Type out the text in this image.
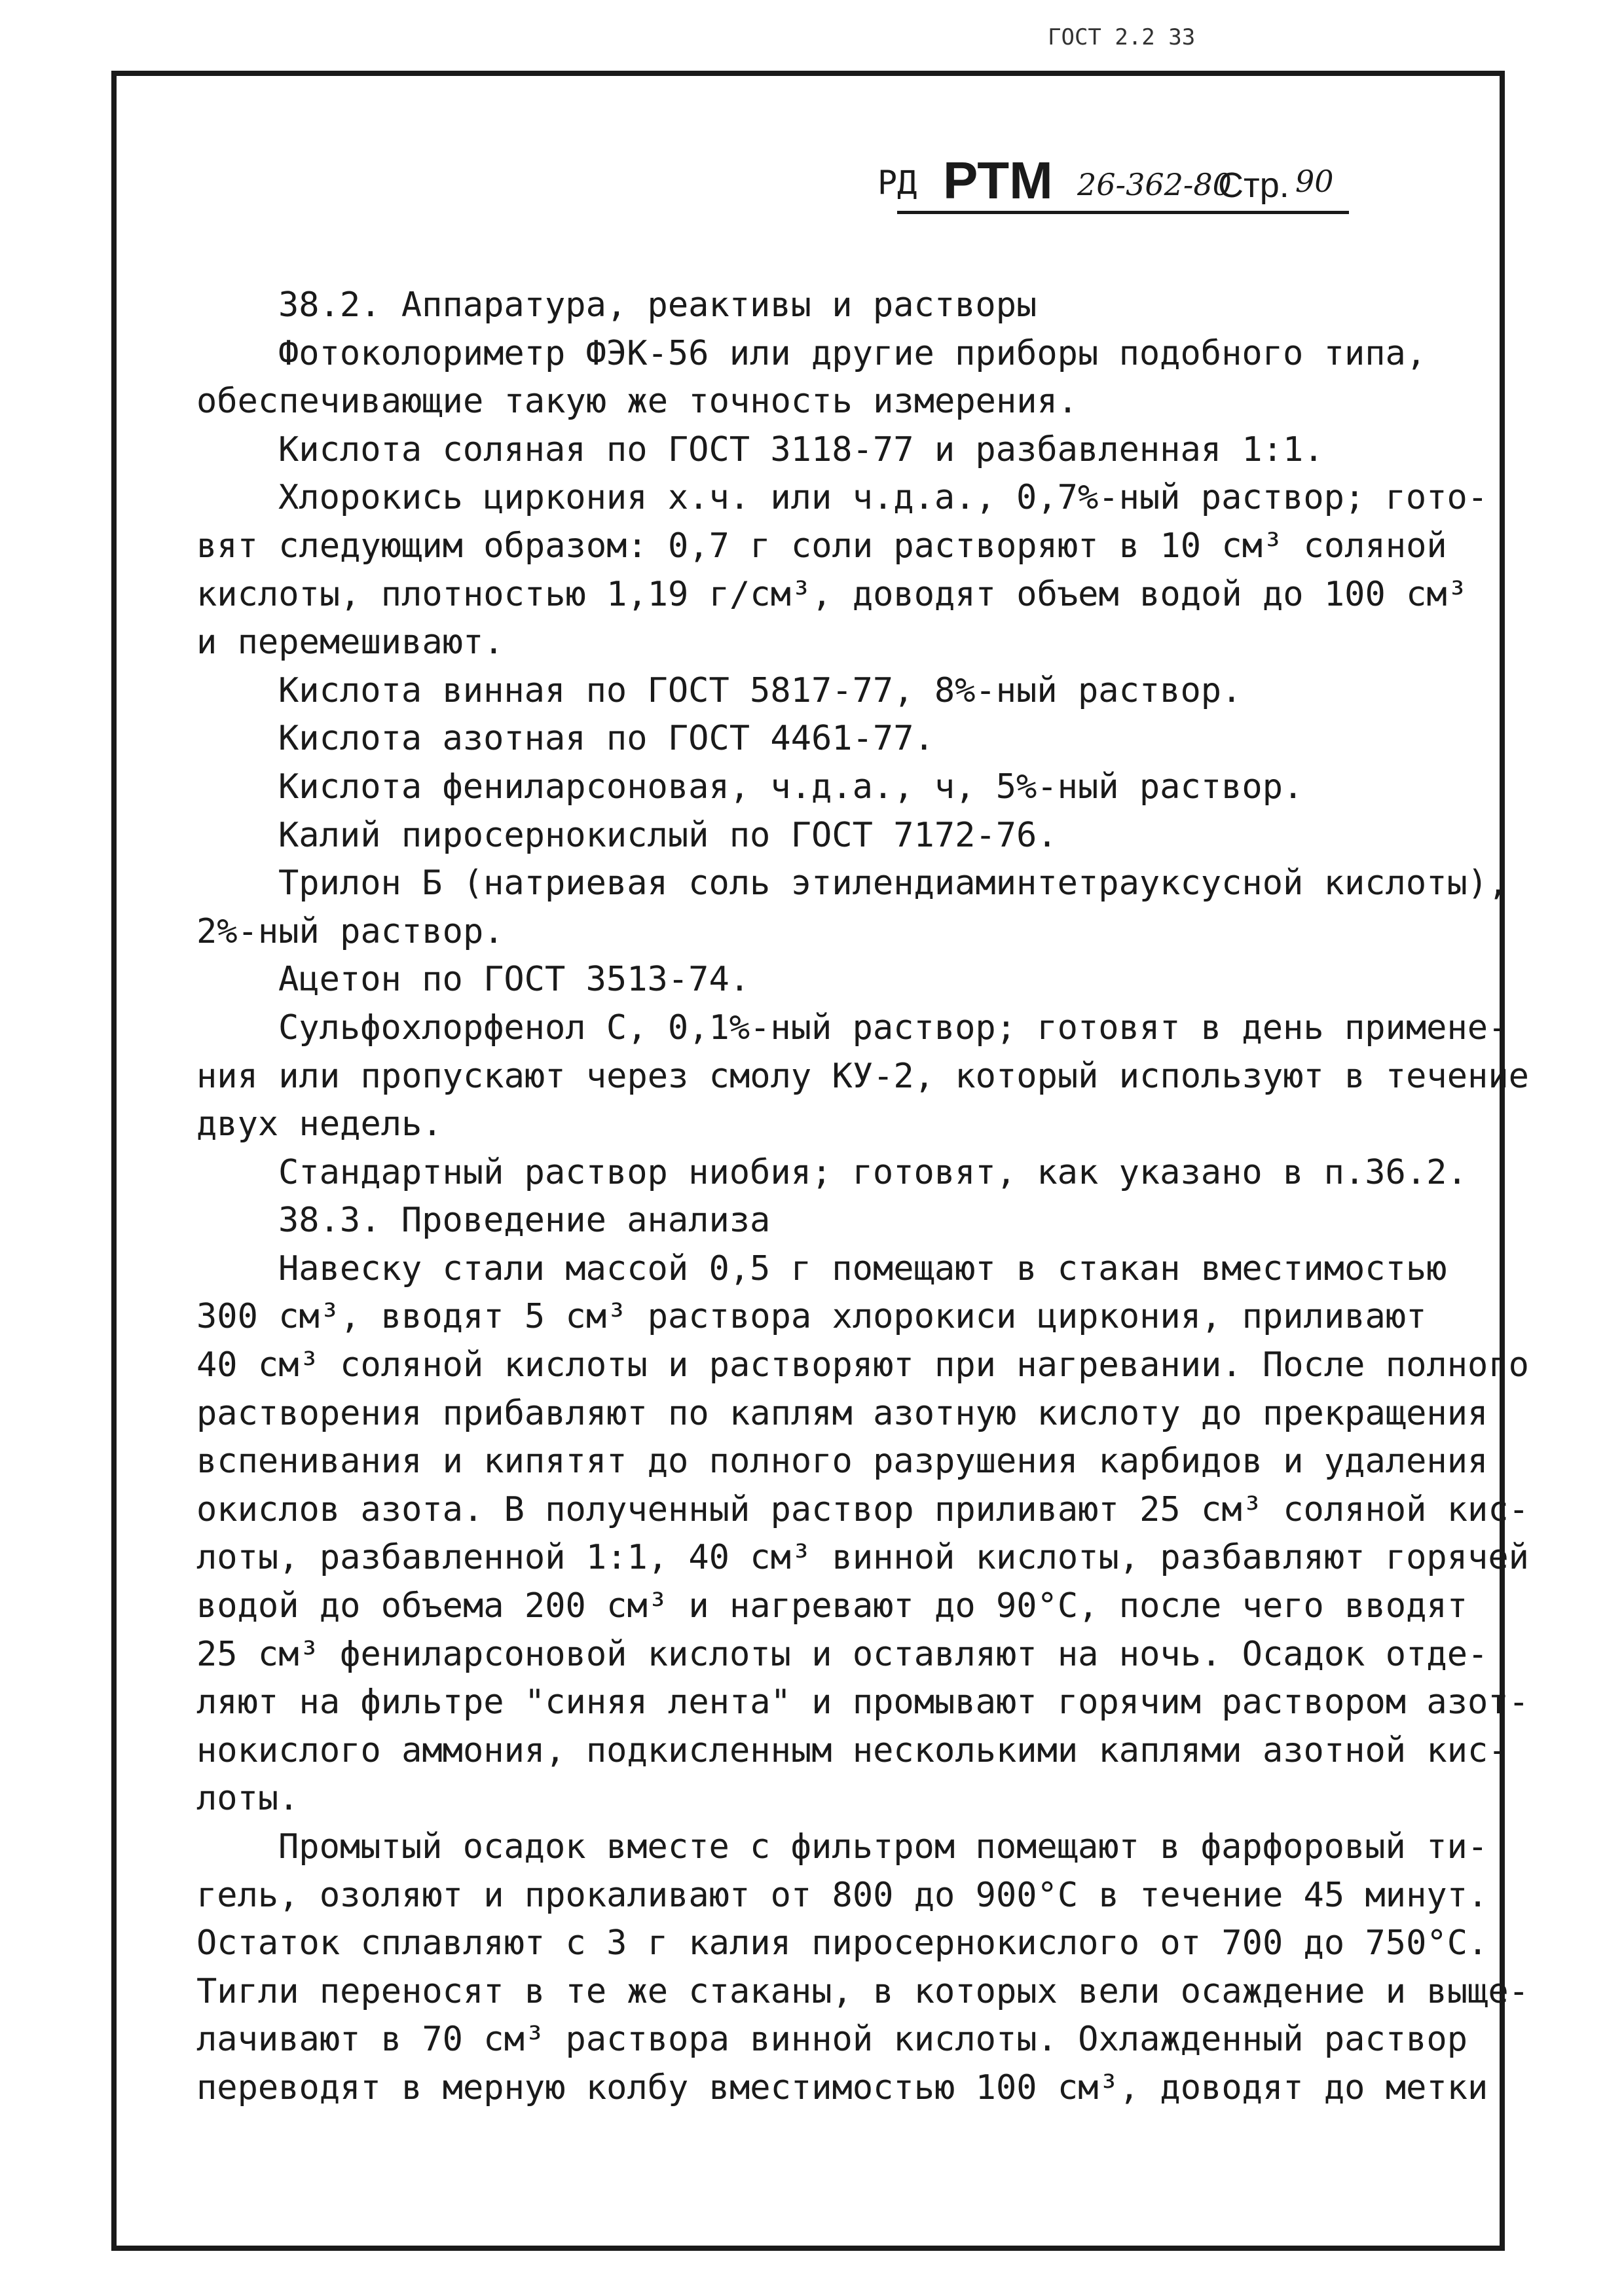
ГОСТ 2.2 33
РД РТМ 26-362-80
Стр. 90
38.2. Аппаратура, реактивы и растворы
Фотоколориметр ФЭК-56 или другие приборы подобного типа,
обеспечивающие такую же точность измерения.
Кислота соляная по ГОСТ 3118-77 и разбавленная 1:1.
Хлорокись циркония х.ч. или ч.д.а., 0,7%-ный раствор; гото-
вят следующим образом: 0,7 г соли растворяют в 10 см³ соляной
кислоты, плотностью 1,19 г/см³, доводят объем водой до 100 см³
и перемешивают.
Кислота винная по ГОСТ 5817-77, 8%-ный раствор.
Кислота азотная по ГОСТ 4461-77.
Кислота фениларсоновая, ч.д.а., ч, 5%-ный раствор.
Калий пиросернокислый по ГОСТ 7172-76.
Трилон Б (натриевая соль этилендиаминтетрауксусной кислоты),
2%-ный раствор.
Ацетон по ГОСТ 3513-74.
Сульфохлорфенол С, 0,1%-ный раствор; готовят в день примене-
ния или пропускают через смолу КУ-2, который используют в течение
двух недель.
Стандартный раствор ниобия; готовят, как указано в п.36.2.
38.3. Проведение анализа
Навеску стали массой 0,5 г помещают в стакан вместимостью
300 см³, вводят 5 см³ раствора хлорокиси циркония, приливают
40 см³ соляной кислоты и растворяют при нагревании. После полного
растворения прибавляют по каплям азотную кислоту до прекращения
вспенивания и кипятят до полного разрушения карбидов и удаления
окислов азота. В полученный раствор приливают 25 см³ соляной кис-
лоты, разбавленной 1:1, 40 см³ винной кислоты, разбавляют горячей
водой до объема 200 см³ и нагревают до 90°С, после чего вводят
25 см³ фениларсоновой кислоты и оставляют на ночь. Осадок отде-
ляют на фильтре "синяя лента" и промывают горячим раствором азот-
нокислого аммония, подкисленным несколькими каплями азотной кис-
лоты.
Промытый осадок вместе с фильтром помещают в фарфоровый ти-
гель, озоляют и прокаливают от 800 до 900°С в течение 45 минут.
Остаток сплавляют с 3 г калия пиросернокислого от 700 до 750°С.
Тигли переносят в те же стаканы, в которых вели осаждение и выще-
лачивают в 70 см³ раствора винной кислоты. Охлажденный раствор
переводят в мерную колбу вместимостью 100 см³, доводят до метки
